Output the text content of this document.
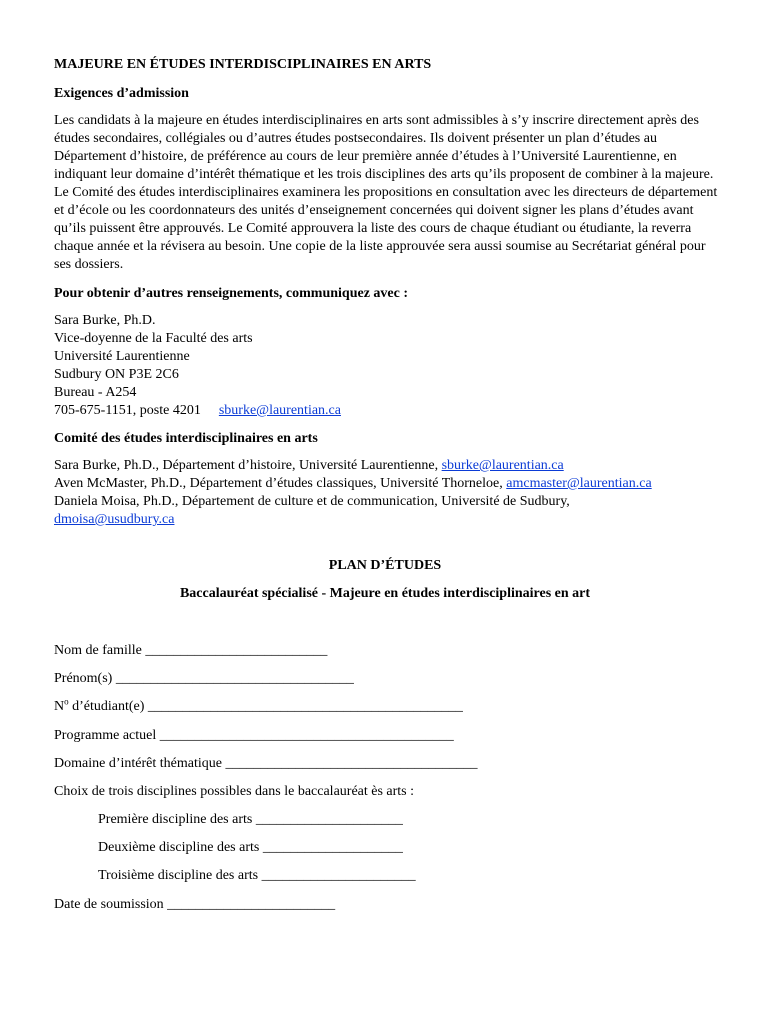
MAJEURE EN ÉTUDES INTERDISCIPLINAIRES EN ARTS
Exigences d’admission
Les candidats à la majeure en études interdisciplinaires en arts sont admissibles à s’y inscrire directement après des études secondaires, collégiales ou d’autres études postsecondaires. Ils doivent présenter un plan d’études au Département d’histoire, de préférence au cours de leur première année d’études à l’Université Laurentienne, en indiquant leur domaine d’intérêt thématique et les trois disciplines des arts qu’ils proposent de combiner à la majeure. Le Comité des études interdisciplinaires examinera les propositions en consultation avec les directeurs de département et d’école ou les coordonnateurs des unités d’enseignement concernées qui doivent signer les plans d’études avant qu’ils puissent être approuvés. Le Comité approuvera la liste des cours de chaque étudiant ou étudiante, la reverra chaque année et la révisera au besoin. Une copie de la liste approuvée sera aussi soumise au Secrétariat général pour ses dossiers.
Pour obtenir d’autres renseignements, communiquez avec :
Sara Burke, Ph.D.
Vice-doyenne de la Faculté des arts
Université Laurentienne
Sudbury ON P3E 2C6
Bureau - A254
705-675-1151, poste 4201 sburke@laurentian.ca
Comité des études interdisciplinaires en arts
Sara Burke, Ph.D., Département d’histoire, Université Laurentienne, sburke@laurentian.ca
Aven McMaster, Ph.D., Département d’études classiques, Université Thorneloe, amcmaster@laurentian.ca
Daniela Moisa, Ph.D., Département de culture et de communication, Université de Sudbury,
dmoisa@usudbury.ca
PLAN D’ÉTUDES
Baccalauréat spécialisé - Majeure en études interdisciplinaires en art
Nom de famille __________________________
Prénom(s) __________________________________
$N^o$ d’étudiant(e) _____________________________________________
Programme actuel __________________________________________
Domaine d’intérêt thématique ____________________________________
Choix de trois disciplines possibles dans le baccalauréat ès arts :
Première discipline des arts _____________________
Deuxième discipline des arts ____________________
Troisième discipline des arts ______________________
Date de soumission ________________________
